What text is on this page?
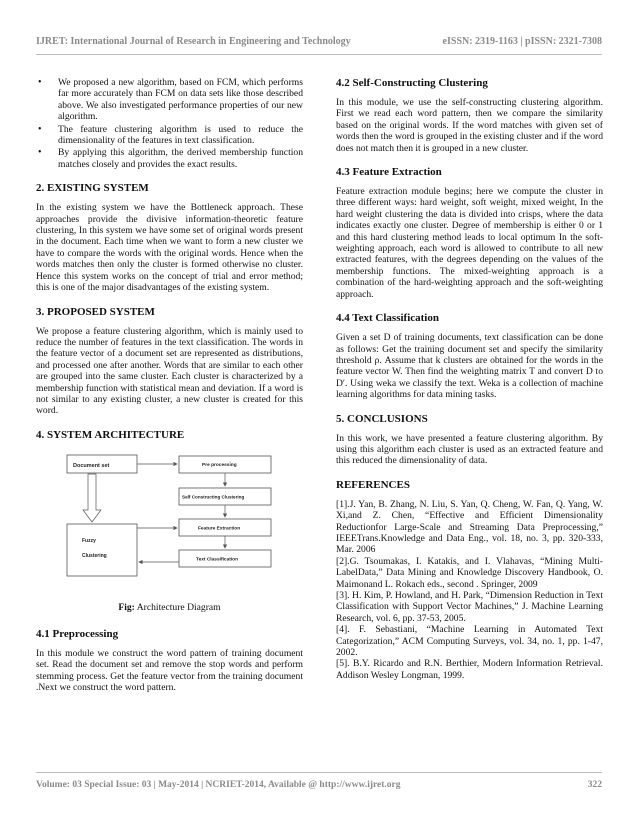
IJRET: International Journal of Research in Engineering and Technology	eISSN: 2319-1163 | pISSN: 2321-7308
• We proposed a new algorithm, based on FCM, which performs far more accurately than FCM on data sets like those described above. We also investigated performance properties of our new algorithm.
• The feature clustering algorithm is used to reduce the dimensionality of the features in text classification.
• By applying this algorithm, the derived membership function matches closely and provides the exact results.
2. EXISTING SYSTEM

In the existing system we have the Bottleneck approach. These approaches provide the divisive information-theoretic feature clustering, In this system we have some set of original words present in the document. Each time when we want to form a new cluster we have to compare the words with the original words. Hence when the words matches then only the cluster is formed otherwise no cluster. Hence this system works on the concept of trial and error method; this is one of the major disadvantages of the existing system.

3. PROPOSED SYSTEM

We propose a feature clustering algorithm, which is mainly used to reduce the number of features in the text classification. The words in the feature vector of a document set are represented as distributions, and processed one after another. Words that are similar to each other are grouped into the same cluster. Each cluster is characterized by a membership function with statistical mean and deviation. If a word is not similar to any existing cluster, a new cluster is created for this word.

4. SYSTEM ARCHITECTURE
Document set
Fuzzy
Clustering
Pre processing
Self Constructing Clustering
Feature Extraction
Text Classification
Fig: Architecture Diagram
4.1 Preprocessing

In this module we construct the word pattern of training document set. Read the document set and remove the stop words and perform stemming process. Get the feature vector from the training document .Next we construct the word pattern.

4.2 Self-Constructing Clustering

In this module, we use the self-constructing clustering algorithm. First we read each word pattern, then we compare the similarity based on the original words. If the word matches with given set of words then the word is grouped in the existing cluster and if the word does not match then it is grouped in a new cluster.

4.3 Feature Extraction

Feature extraction module begins; here we compute the cluster in three different ways: hard weight, soft weight, mixed weight, In the hard weight clustering the data is divided into crisps, where the data indicates exactly one cluster. Degree of membership is either 0 or 1 and this hard clustering method leads to local optimum In the soft-weighting approach, each word is allowed to contribute to all new extracted features, with the degrees depending on the values of the membership functions. The mixed-weighting approach is a combination of the hard-weighting approach and the soft-weighting approach.

4.4 Text Classification

Given a set D of training documents, text classification can be done as follows: Get the training document set and specify the similarity threshold ρ. Assume that k clusters are obtained for the words in the feature vector W. Then find the weighting matrix T and convert D to D′. Using weka we classify the text. Weka is a collection of machine learning algorithms for data mining tasks.

5. CONCLUSIONS

In this work, we have presented a feature clustering algorithm. By using this algorithm each cluster is used as an extracted feature and this reduced the dimensionality of data.

REFERENCES
[1].J. Yan, B. Zhang, N. Liu, S. Yan, Q. Cheng, W. Fan, Q. Yang, W. Xi,and Z. Chen, “Effective and Efficient Dimensionality Reductionfor Large-Scale and Streaming Data Preprocessing,” IEEETrans.Knowledge and Data Eng., vol. 18, no. 3, pp. 320-333, Mar. 2006
[2].G. Tsoumakas, I. Katakis, and I. Vlahavas, “Mining Multi-LabelData,” Data Mining and Knowledge Discovery Handbook, O. Maimonand L. Rokach eds., second . Springer, 2009
[3]. H. Kim, P. Howland, and H. Park, “Dimension Reduction in Text Classification with Support Vector Machines,” J. Machine Learning Research, vol. 6, pp. 37-53, 2005.
[4]. F. Sebastiani, “Machine Learning in Automated Text Categorization,” ACM Computing Surveys, vol. 34, no. 1, pp. 1-47, 2002.
[5]. B.Y. Ricardo and R.N. Berthier, Modern Information Retrieval. Addison Wesley Longman, 1999.
Volume: 03 Special Issue: 03 | May-2014 | NCRIET-2014, Available @ http://www.ijret.org	322
